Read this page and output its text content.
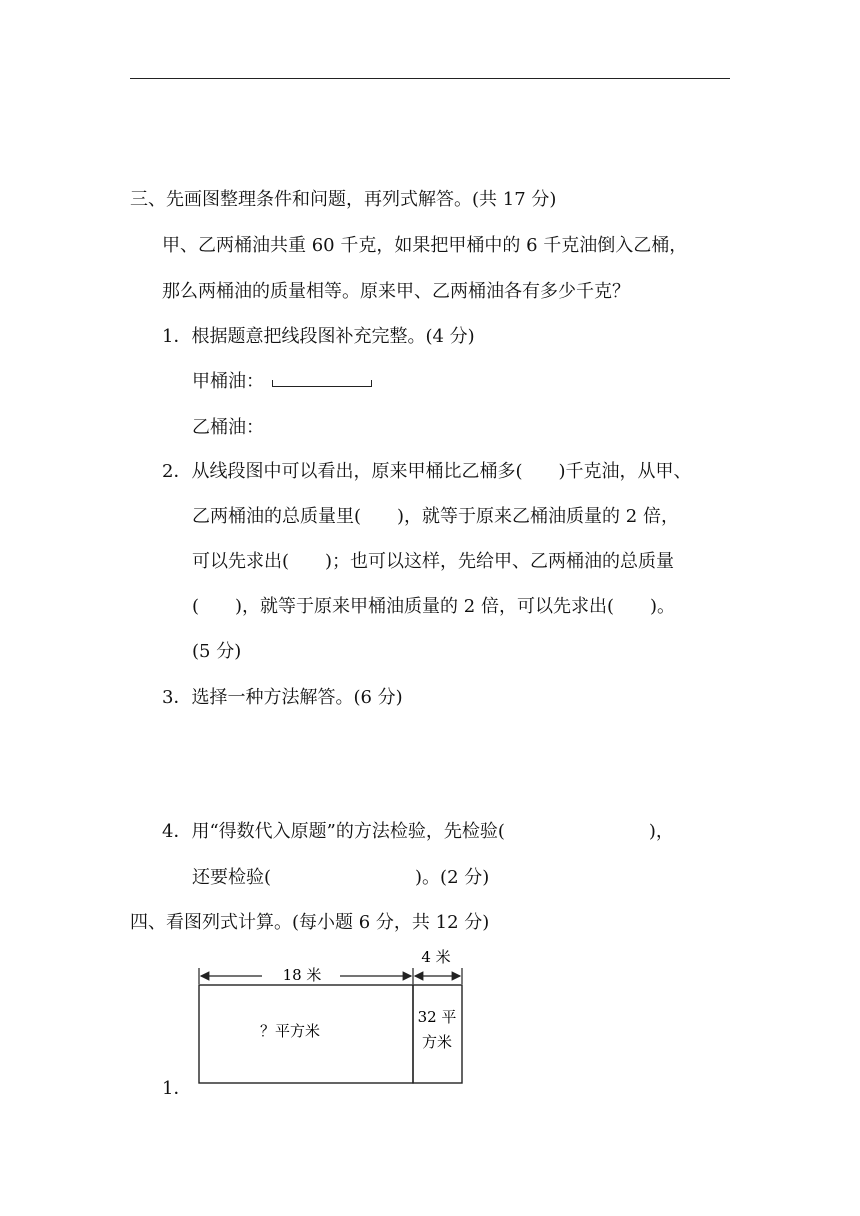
三、先画图整理条件和问题，再列式解答。(共 17 分)
甲、乙两桶油共重 60 千克，如果把甲桶中的 6 千克油倒入乙桶，
那么两桶油的质量相等。原来甲、乙两桶油各有多少千克？
1．根据题意把线段图补充完整。(4 分)
甲桶油：
乙桶油：
2．从线段图中可以看出，原来甲桶比乙桶多(　　)千克油，从甲、
乙两桶油的总质量里(　　)，就等于原来乙桶油质量的 2 倍，
可以先求出(　　)；也可以这样，先给甲、乙两桶油的总质量
(　　)，就等于原来甲桶油质量的 2 倍，可以先求出(　　)。
(5 分)
3．选择一种方法解答。(6 分)
4．用“得数代入原题”的方法检验，先检验(　　　　　　　　)，
还要检验(　　　　　　　　)。(2 分)
四、看图列式计算。(每小题 6 分，共 12 分)
18 米
4 米
？平方米
32 平
方米
1．
